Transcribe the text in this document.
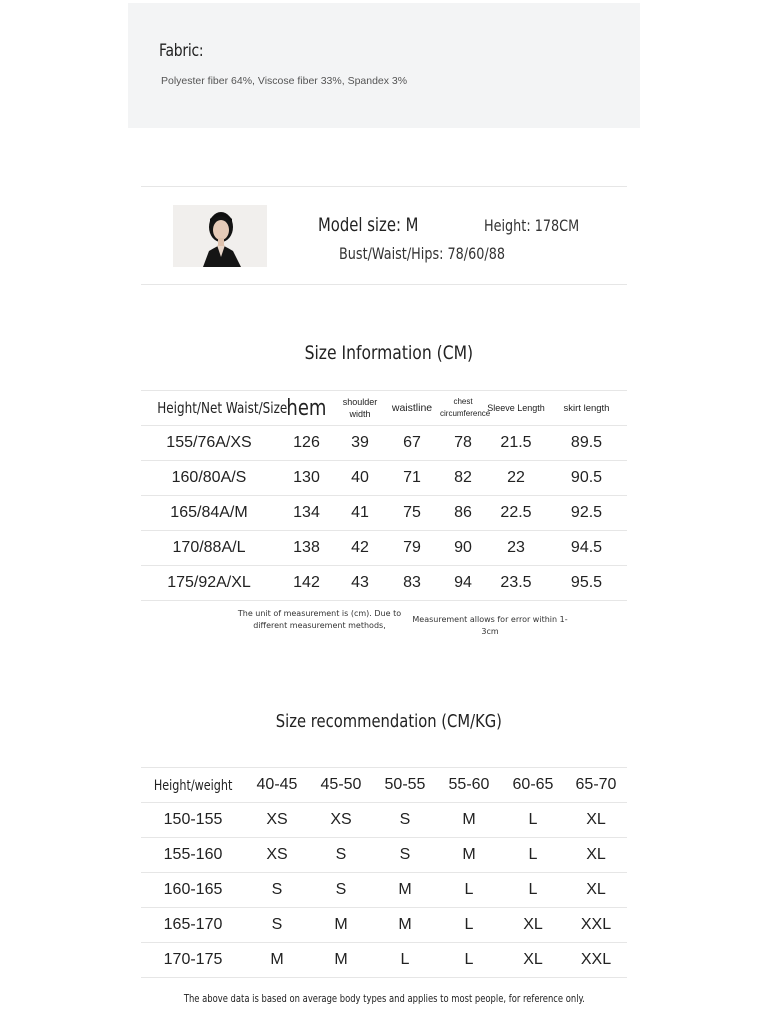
Fabric:
Polyester fiber 64%, Viscose fiber 33%, Spandex 3%
Model size: M	Height: 178CM
Bust/Waist/Hips: 78/60/88
Size Information (CM)
Height/Net Waist/Size	hem	shoulder width	waistline	chest circumference	Sleeve Length	skirt length
155/76A/XS	126	39	67	78	21.5	89.5
160/80A/S	130	40	71	82	22	90.5
165/84A/M	134	41	75	86	22.5	92.5
170/88A/L	138	42	79	90	23	94.5
175/92A/XL	142	43	83	94	23.5	95.5
The unit of measurement is (cm). Due to different measurement methods,
Measurement allows for error within 1-3cm
Size recommendation (CM/KG)
Height/weight	40-45	45-50	50-55	55-60	60-65	65-70
150-155	XS	XS	S	M	L	XL
155-160	XS	S	S	M	L	XL
160-165	S	S	M	L	L	XL
165-170	S	M	M	L	XL	XXL
170-175	M	M	L	L	XL	XXL
The above data is based on average body types and applies to most people, for reference only.
